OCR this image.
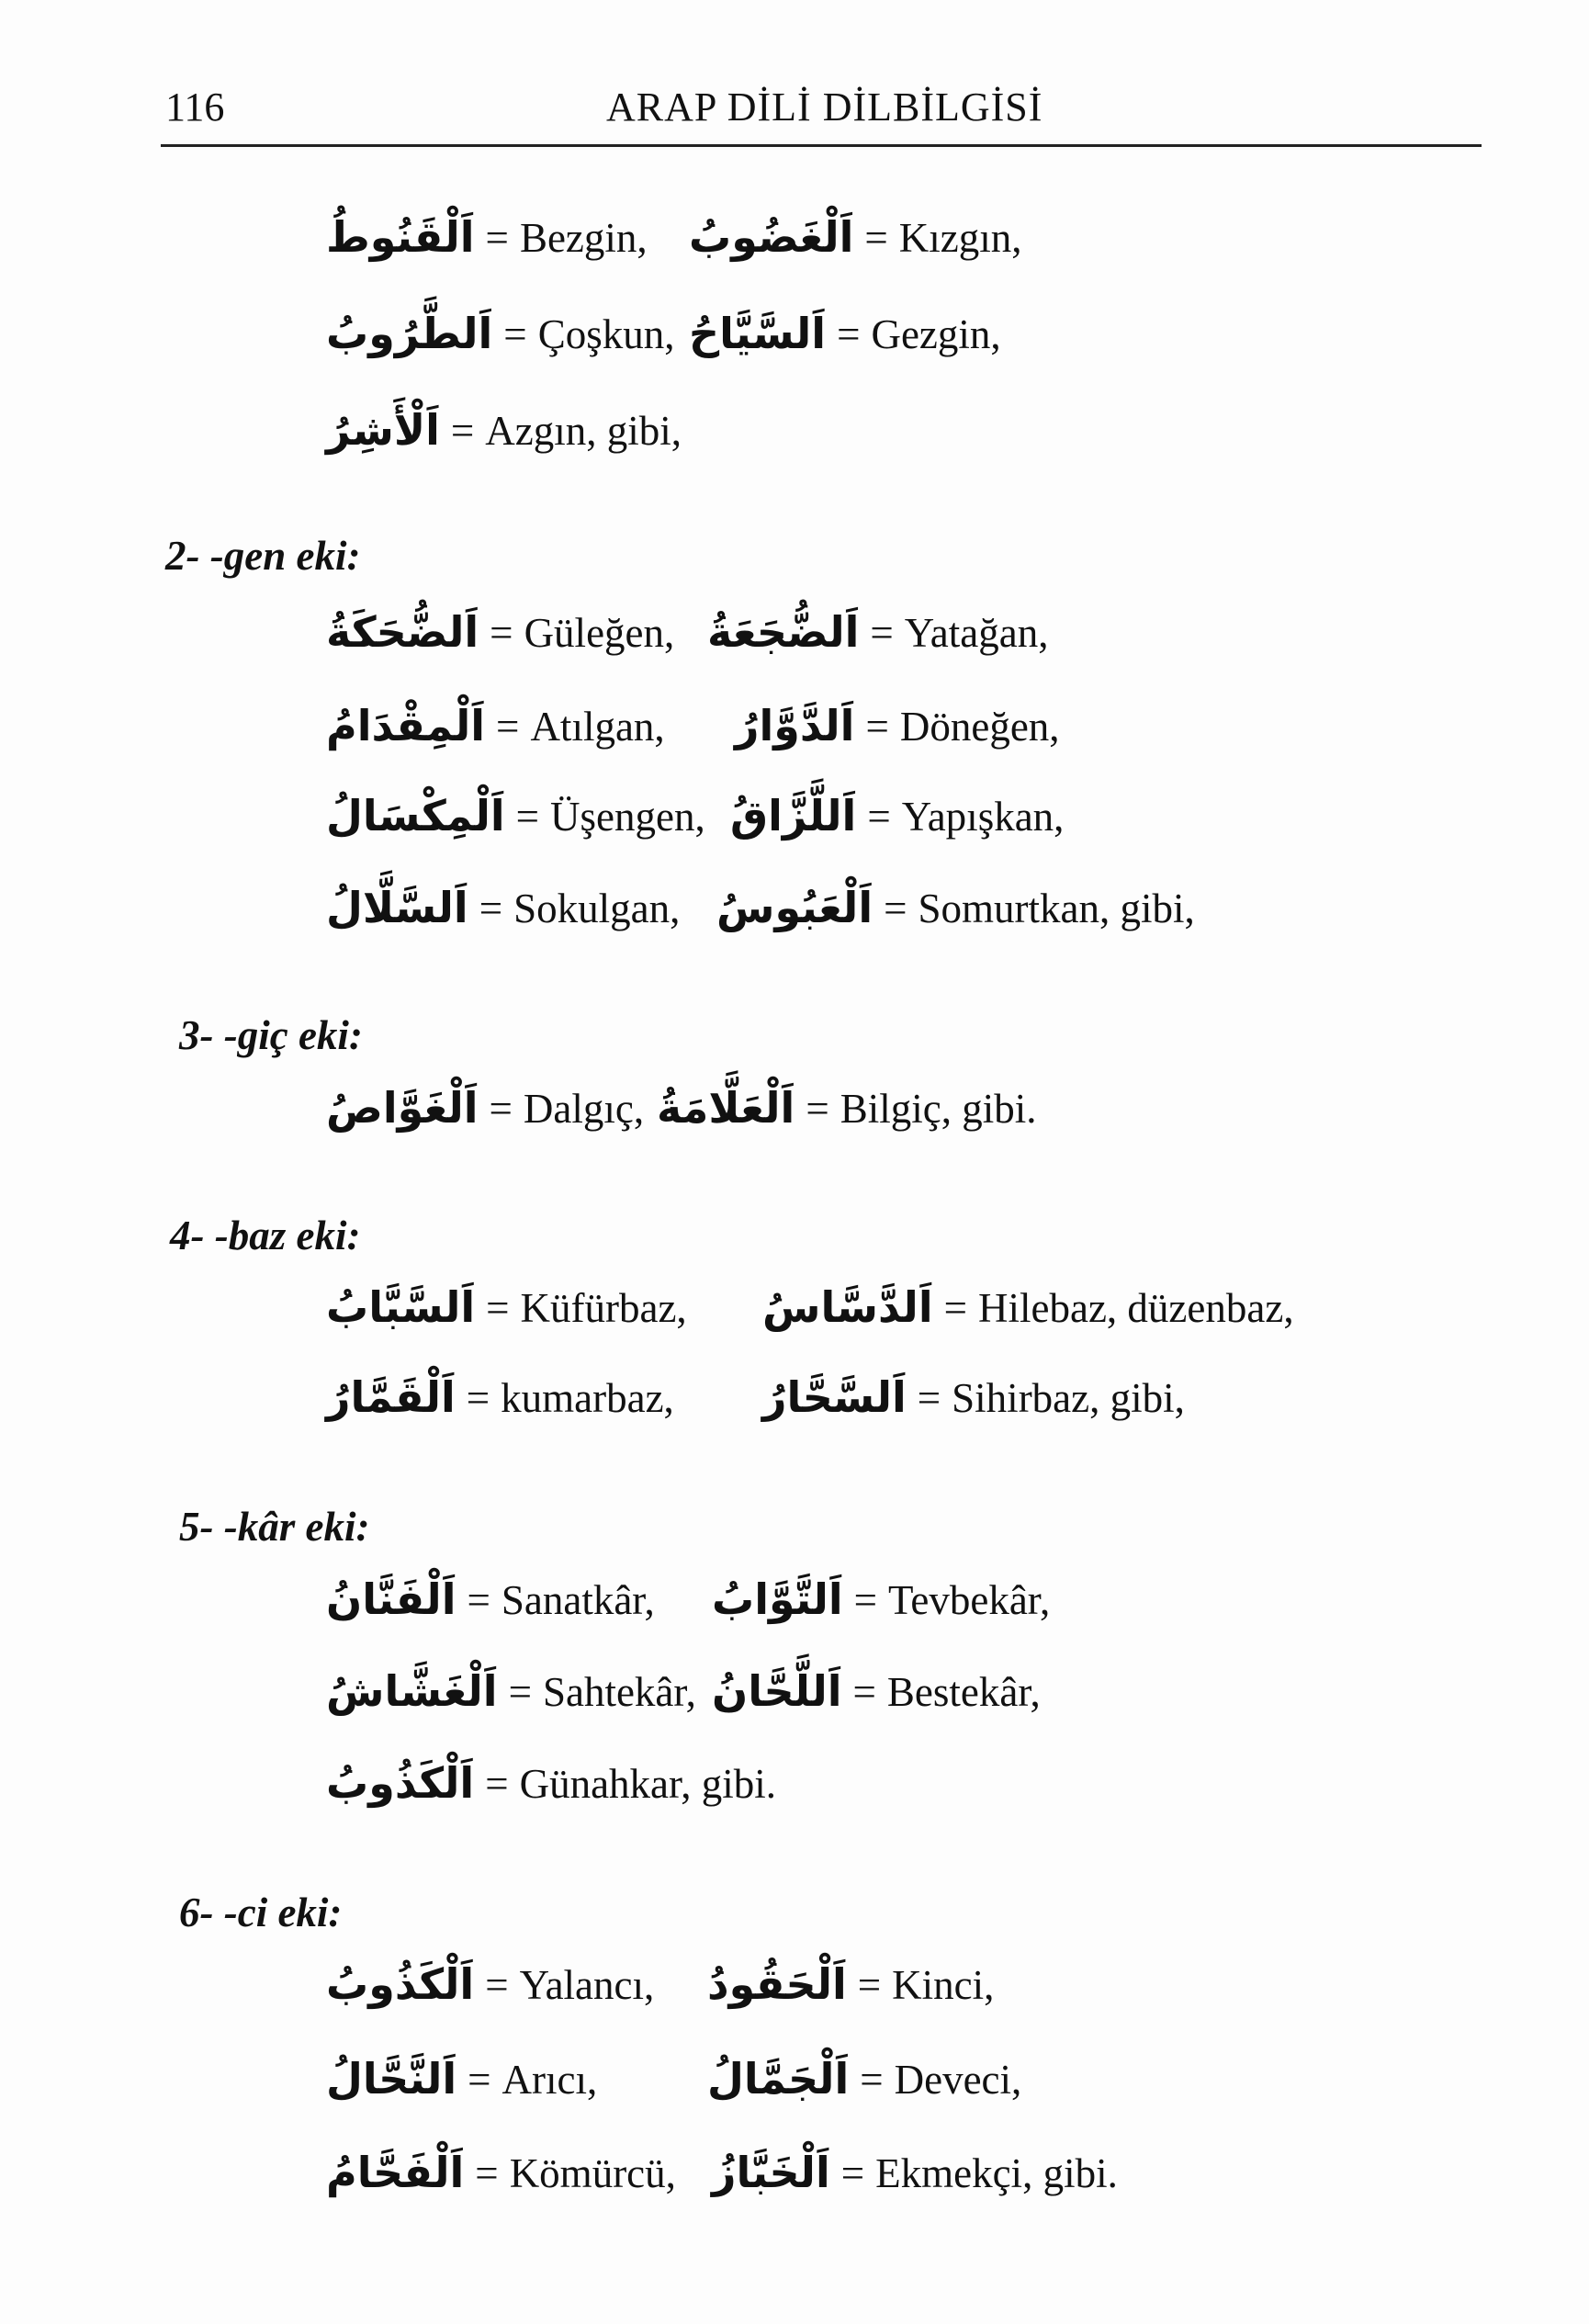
116	ARAP DİLİ DİLBİLGİSİ
اَلْقَنُوطُ = Bezgin, اَلْغَضُوبُ = Kızgın,
اَلطَّرُوبُ = Çoşkun, اَلسَّيَّاحُ = Gezgin,
اَلْأَشِرُ = Azgın, gibi,
2- -gen eki:
اَلضُّحَكَةُ = Güleğen, اَلضُّجَعَةُ = Yatağan,
اَلْمِقْدَامُ = Atılgan, اَلدَّوَّارُ = Döneğen,
اَلْمِكْسَالُ = Üşengen, اَللَّزَّاقُ = Yapışkan,
اَلسَّلَّالُ = Sokulgan, اَلْعَبُوسُ = Somurtkan, gibi,
3- -giç eki:
اَلْغَوَّاصُ = Dalgıç, اَلْعَلَّامَةُ = Bilgiç, gibi.
4- -baz eki:
اَلسَّبَّابُ = Küfürbaz, اَلدَّسَّاسُ = Hilebaz, düzenbaz,
اَلْقَمَّارُ = kumarbaz, اَلسَّحَّارُ = Sihirbaz, gibi,
5- -kâr eki:
اَلْفَنَّانُ = Sanatkâr, اَلتَّوَّابُ = Tevbekâr,
اَلْغَشَّاشُ = Sahtekâr, اَللَّحَّانُ = Bestekâr,
اَلْكَذُوبُ = Günahkar, gibi.
6- -ci eki:
اَلْكَذُوبُ = Yalancı, اَلْحَقُودُ = Kinci,
اَلنَّحَّالُ = Arıcı,	اَلْجَمَّالُ = Deveci,
اَلْفَحَّامُ = Kömürcü, اَلْخَبَّازُ = Ekmekçi, gibi.
